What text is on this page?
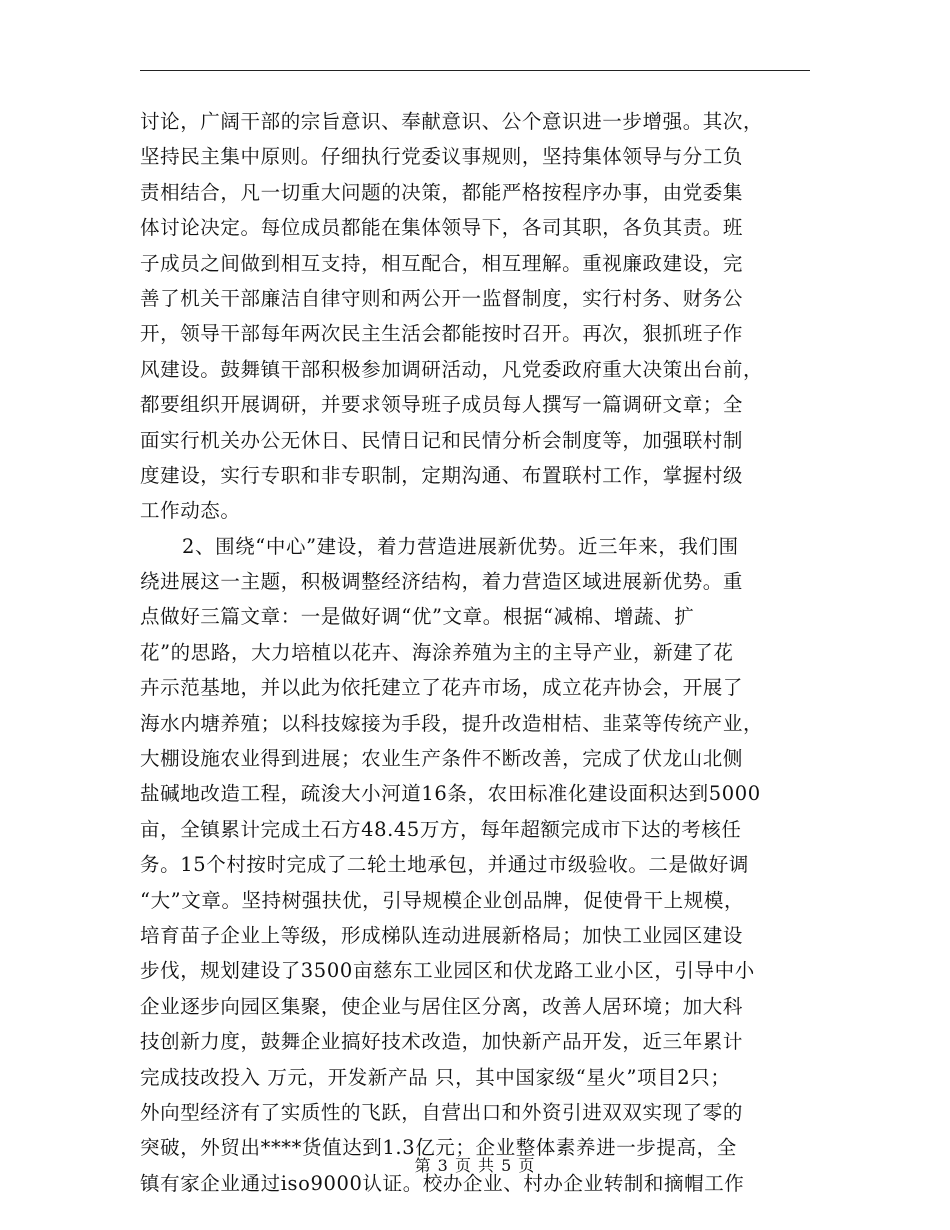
讨论，广阔干部的宗旨意识、奉献意识、公个意识进一步增强。其次，
坚持民主集中原则。仔细执行党委议事规则，坚持集体领导与分工负
责相结合，凡一切重大问题的决策，都能严格按程序办事，由党委集
体讨论决定。每位成员都能在集体领导下，各司其职，各负其责。班
子成员之间做到相互支持，相互配合，相互理解。重视廉政建设，完
善了机关干部廉洁自律守则和两公开一监督制度，实行村务、财务公
开，领导干部每年两次民主生活会都能按时召开。再次，狠抓班子作
风建设。鼓舞镇干部积极参加调研活动，凡党委政府重大决策出台前，
都要组织开展调研，并要求领导班子成员每人撰写一篇调研文章；全
面实行机关办公无休日、民情日记和民情分析会制度等，加强联村制
度建设，实行专职和非专职制，定期沟通、布置联村工作，掌握村级
工作动态。
2、围绕“中心”建设，着力营造进展新优势。近三年来，我们围
绕进展这一主题，积极调整经济结构，着力营造区域进展新优势。重
点做好三篇文章：一是做好调“优”文章。根据“减棉、增蔬、扩
花”的思路，大力培植以花卉、海涂养殖为主的主导产业，新建了花
卉示范基地，并以此为依托建立了花卉市场，成立花卉协会，开展了
海水内塘养殖；以科技嫁接为手段，提升改造柑桔、韭菜等传统产业，
大棚设施农业得到进展；农业生产条件不断改善，完成了伏龙山北侧
盐碱地改造工程，疏浚大小河道16条，农田标准化建设面积达到5000
亩，全镇累计完成土石方48.45万方，每年超额完成市下达的考核任
务。15个村按时完成了二轮土地承包，并通过市级验收。二是做好调
“大”文章。坚持树强扶优，引导规模企业创品牌，促使骨干上规模，
培育苗子企业上等级，形成梯队连动进展新格局；加快工业园区建设
步伐，规划建设了3500亩慈东工业园区和伏龙路工业小区，引导中小
企业逐步向园区集聚，使企业与居住区分离，改善人居环境；加大科
技创新力度，鼓舞企业搞好技术改造，加快新产品开发，近三年累计
完成技改投入 万元，开发新产品 只，其中国家级“星火”项目2只；
外向型经济有了实质性的飞跃，自营出口和外资引进双双实现了零的
突破，外贸出****货值达到1.3亿元；企业整体素养进一步提高，全
镇有家企业通过iso9000认证。校办企业、村办企业转制和摘帽工作
第 3 页 共 5 页
